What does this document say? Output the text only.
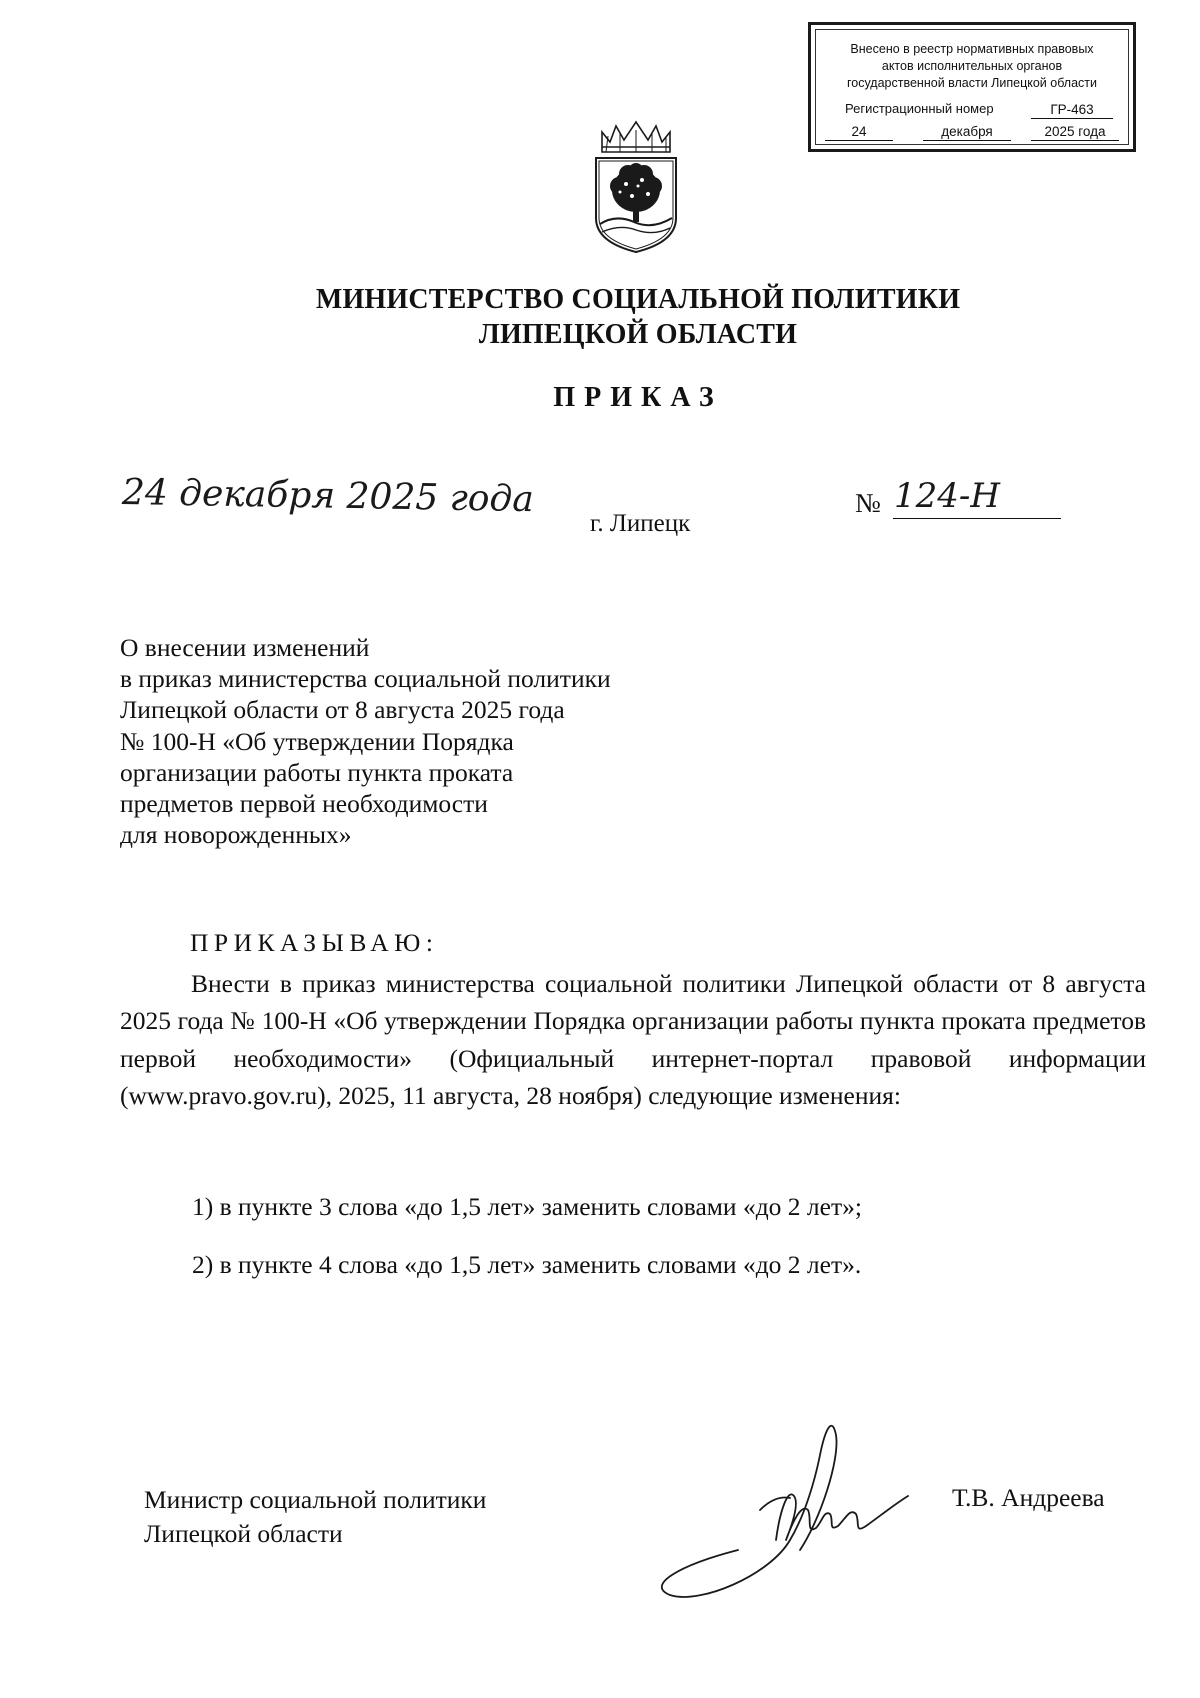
Внесено в реестр нормативных правовых
актов исполнительных органов
государственной власти Липецкой области
Регистрационный номер	ГР-463
24	декабря	2025 года
МИНИСТЕРСТВО СОЦИАЛЬНОЙ ПОЛИТИКИ
ЛИПЕЦКОЙ ОБЛАСТИ
ПРИКАЗ
24 декабря 2025 года
г. Липецк
№ 124-Н
О внесении изменений
в приказ министерства социальной политики
Липецкой области от 8 августа 2025 года
№ 100-Н «Об утверждении Порядка
организации работы пункта проката
предметов первой необходимости
для новорожденных»
ПРИКАЗЫВАЮ:
Внести в приказ министерства социальной политики Липецкой области от 8 августа 2025 года № 100-Н «Об утверждении Порядка организации работы пункта проката предметов первой необходимости» (Официальный интернет-портал правовой информации (www.pravo.gov.ru), 2025, 11 августа, 28 ноября) следующие изменения:
1) в пункте 3 слова «до 1,5 лет» заменить словами «до 2 лет»;
2) в пункте 4 слова «до 1,5 лет» заменить словами «до 2 лет».
Министр социальной политики
Липецкой области
Т.В. Андреева
